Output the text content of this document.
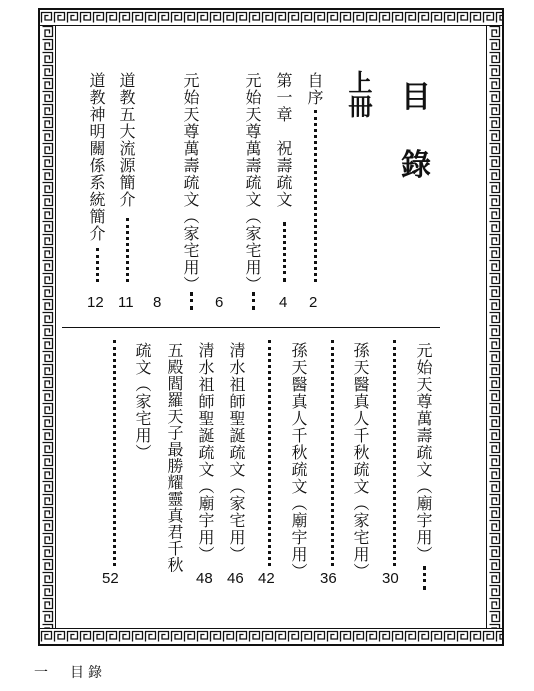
目
錄
上冊
自序
2
第一章　祝壽疏文
4
元始天尊萬壽疏文（家宅用）
6
元始天尊萬壽疏文（家宅用）
8
道教五大流源簡介
11
道教神明關係系統簡介
12
元始天尊萬壽疏文（廟宇用）
30
孫天醫真人千秋疏文（家宅用）
36
孫天醫真人千秋疏文（廟宇用）
42
清水祖師聖誕疏文（家宅用）
46
清水祖師聖誕疏文（廟宇用）
48
五殿閻羅天子最勝耀靈真君千秋
疏文（家宅用）
52
一　目錄
